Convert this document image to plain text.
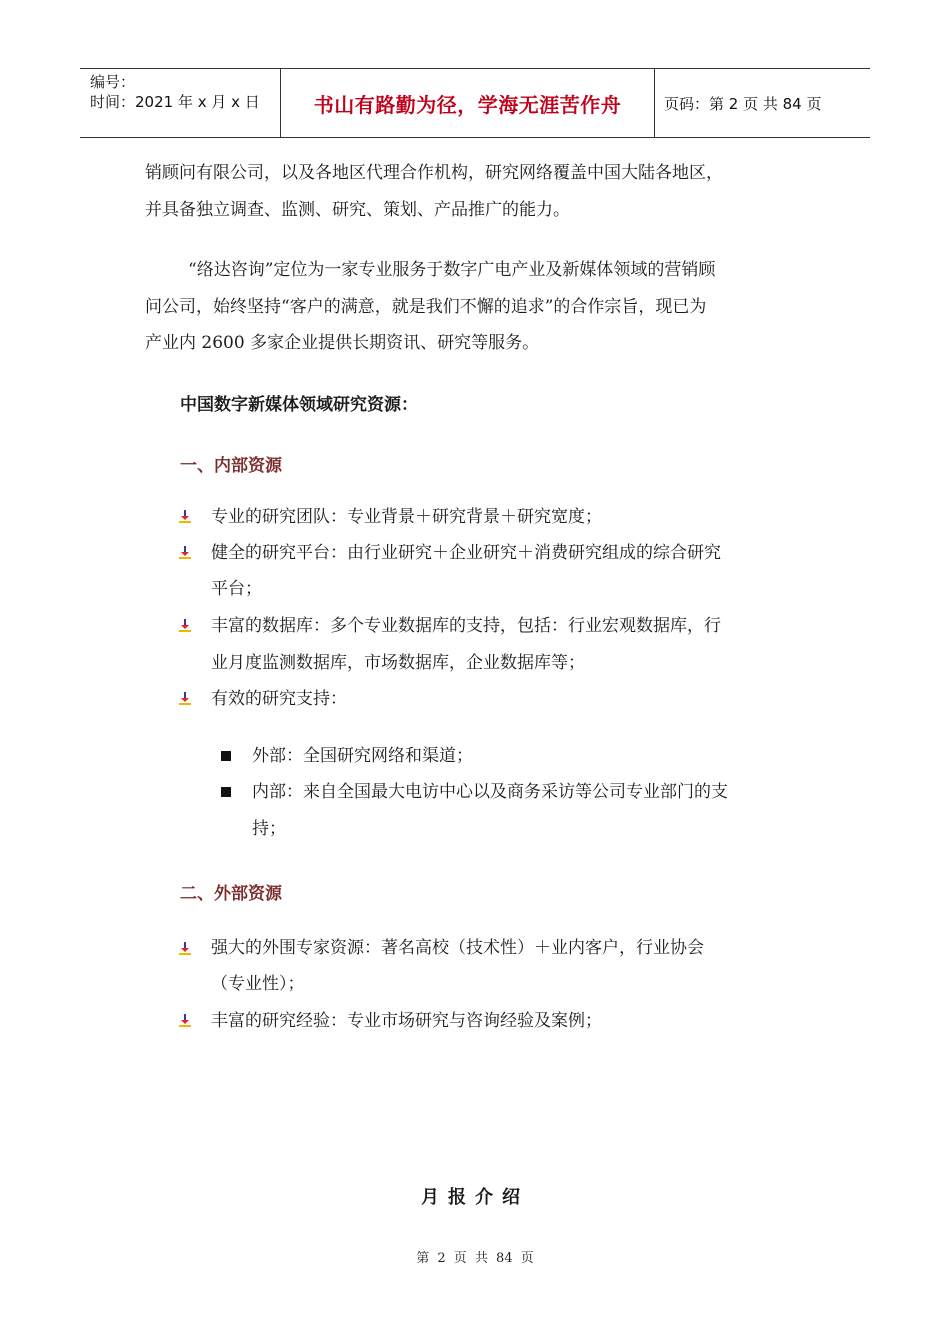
编号：
时间：2021 年 x 月 x 日	书山有路勤为径，学海无涯苦作舟	页码：第 2 页 共 84 页
销顾问有限公司，以及各地区代理合作机构，研究网络覆盖中国大陆各地区，
并具备独立调查、监测、研究、策划、产品推广的能力。
“络达咨询”定位为一家专业服务于数字广电产业及新媒体领域的营销顾
问公司，始终坚持“客户的满意，就是我们不懈的追求”的合作宗旨，现已为
产业内 2600 多家企业提供长期资讯、研究等服务。
中国数字新媒体领域研究资源：
一、内部资源
专业的研究团队：专业背景＋研究背景＋研究宽度；
健全的研究平台：由行业研究＋企业研究＋消费研究组成的综合研究
平台；
丰富的数据库：多个专业数据库的支持，包括：行业宏观数据库，行
业月度监测数据库，市场数据库，企业数据库等；
有效的研究支持：
外部：全国研究网络和渠道；
内部：来自全国最大电访中心以及商务采访等公司专业部门的支
持；
二、外部资源
强大的外围专家资源：著名高校（技术性）＋业内客户，行业协会
（专业性）；
丰富的研究经验：专业市场研究与咨询经验及案例；
月报介绍
第 2 页 共 84 页
